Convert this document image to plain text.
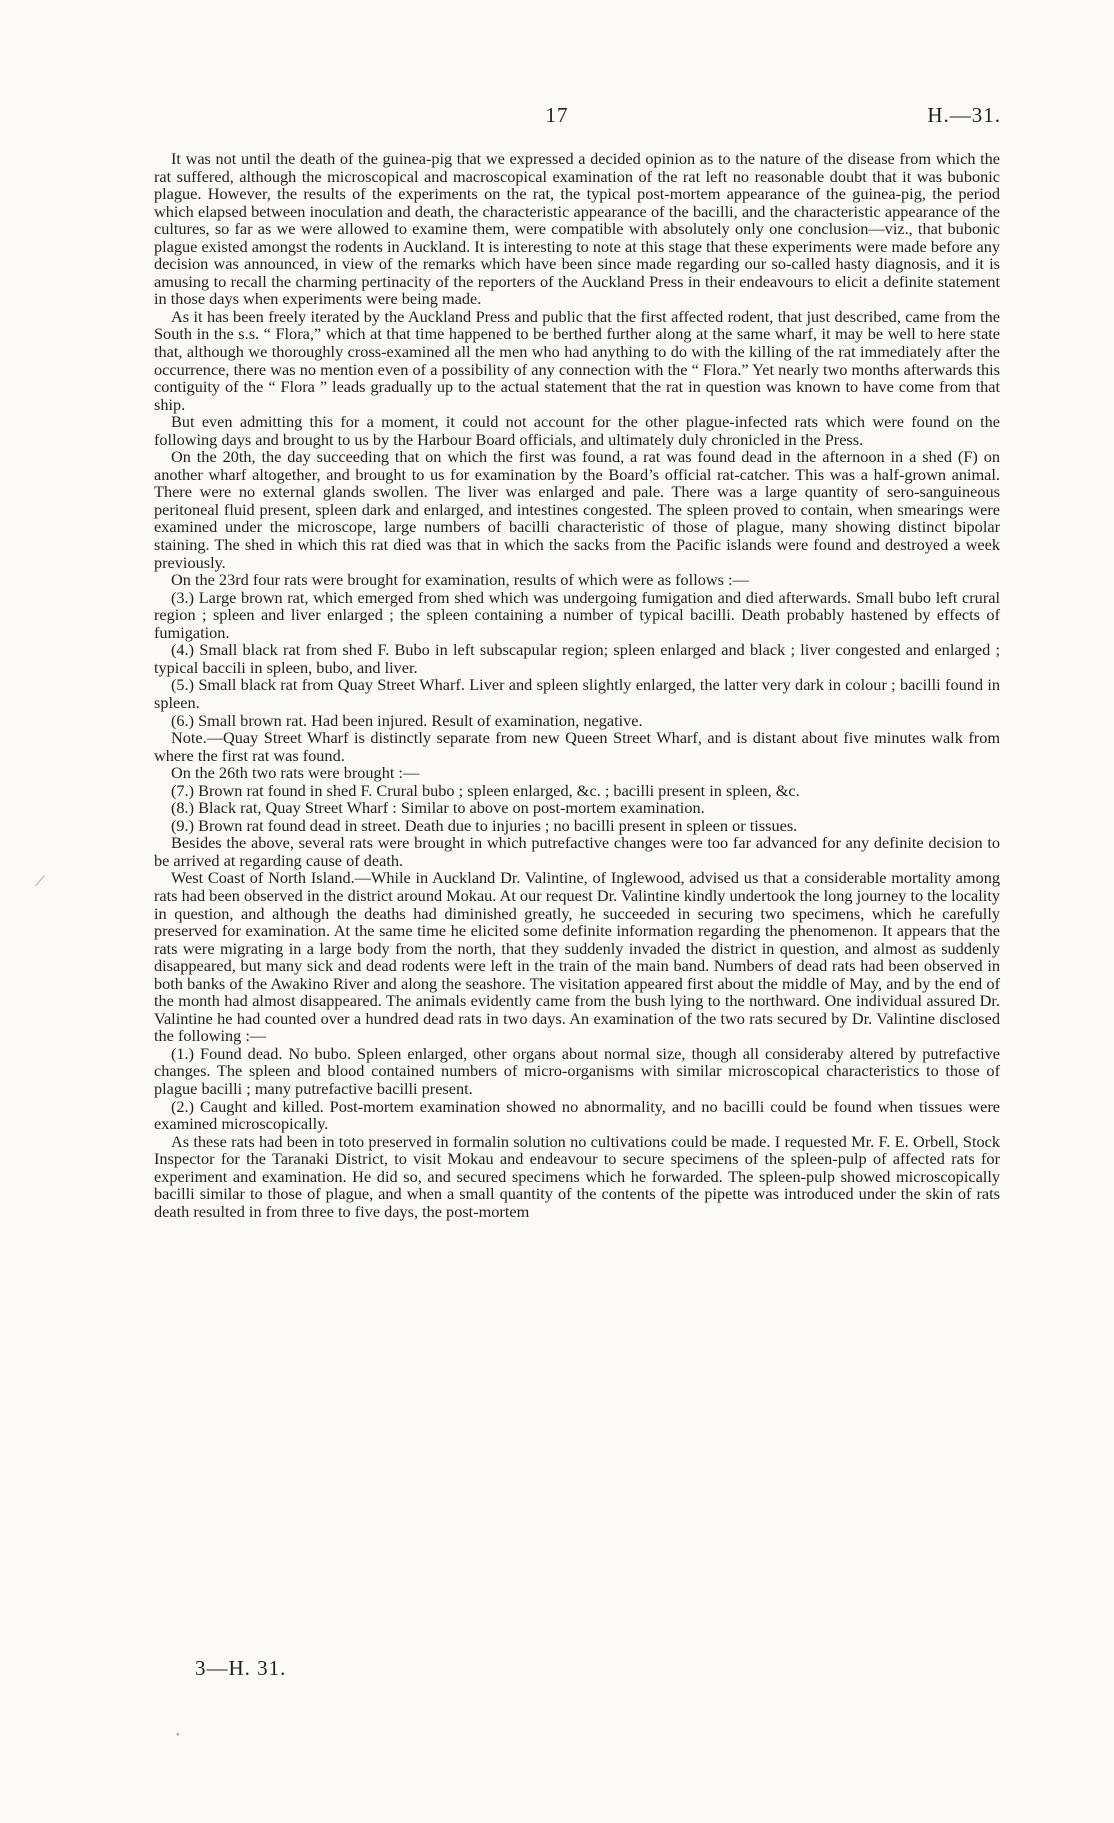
17	H.—31.

It was not until the death of the guinea-pig that we expressed a decided opinion as to the nature of the disease from which the rat suffered, although the microscopical and macroscopical examination of the rat left no reasonable doubt that it was bubonic plague. However, the results of the experiments on the rat, the typical post-mortem appearance of the guinea-pig, the period which elapsed between inoculation and death, the characteristic appearance of the bacilli, and the characteristic appearance of the cultures, so far as we were allowed to examine them, were compatible with absolutely only one conclusion—viz., that bubonic plague existed amongst the rodents in Auckland. It is interesting to note at this stage that these experiments were made before any decision was announced, in view of the remarks which have been since made regarding our so-called hasty diagnosis, and it is amusing to recall the charming pertinacity of the reporters of the Auckland Press in their endeavours to elicit a definite statement in those days when experiments were being made.

As it has been freely iterated by the Auckland Press and public that the first affected rodent, that just described, came from the South in the s.s. “ Flora,” which at that time happened to be berthed further along at the same wharf, it may be well to here state that, although we thoroughly cross-examined all the men who had anything to do with the killing of the rat immediately after the occurrence, there was no mention even of a possibility of any connection with the “ Flora.” Yet nearly two months afterwards this contiguity of the “ Flora ” leads gradually up to the actual statement that the rat in question was known to have come from that ship.

But even admitting this for a moment, it could not account for the other plague-infected rats which were found on the following days and brought to us by the Harbour Board officials, and ultimately duly chronicled in the Press.

On the 20th, the day succeeding that on which the first was found, a rat was found dead in the afternoon in a shed (F) on another wharf altogether, and brought to us for examination by the Board’s official rat-catcher. This was a half-grown animal. There were no external glands swollen. The liver was enlarged and pale. There was a large quantity of sero-sanguineous peritoneal fluid present, spleen dark and enlarged, and intestines congested. The spleen proved to contain, when smearings were examined under the microscope, large numbers of bacilli characteristic of those of plague, many showing distinct bipolar staining. The shed in which this rat died was that in which the sacks from the Pacific islands were found and destroyed a week previously.

On the 23rd four rats were brought for examination, results of which were as follows :—

(3.) Large brown rat, which emerged from shed which was undergoing fumigation and died afterwards. Small bubo left crural region ; spleen and liver enlarged ; the spleen containing a number of typical bacilli. Death probably hastened by effects of fumigation.

(4.) Small black rat from shed F. Bubo in left subscapular region; spleen enlarged and black ; liver congested and enlarged ; typical baccili in spleen, bubo, and liver.

(5.) Small black rat from Quay Street Wharf. Liver and spleen slightly enlarged, the latter very dark in colour ; bacilli found in spleen.

(6.) Small brown rat. Had been injured. Result of examination, negative.

Note.—Quay Street Wharf is distinctly separate from new Queen Street Wharf, and is distant about five minutes walk from where the first rat was found.

On the 26th two rats were brought :—

(7.) Brown rat found in shed F. Crural bubo ; spleen enlarged, &c. ; bacilli present in spleen, &c.

(8.) Black rat, Quay Street Wharf : Similar to above on post-mortem examination.

(9.) Brown rat found dead in street. Death due to injuries ; no bacilli present in spleen or tissues.

Besides the above, several rats were brought in which putrefactive changes were too far advanced for any definite decision to be arrived at regarding cause of death.

West Coast of North Island.—While in Auckland Dr. Valintine, of Inglewood, advised us that a considerable mortality among rats had been observed in the district around Mokau. At our request Dr. Valintine kindly undertook the long journey to the locality in question, and although the deaths had diminished greatly, he succeeded in securing two specimens, which he carefully preserved for examination. At the same time he elicited some definite information regarding the phenomenon. It appears that the rats were migrating in a large body from the north, that they suddenly invaded the district in question, and almost as suddenly disappeared, but many sick and dead rodents were left in the train of the main band. Numbers of dead rats had been observed in both banks of the Awakino River and along the seashore. The visitation appeared first about the middle of May, and by the end of the month had almost disappeared. The animals evidently came from the bush lying to the northward. One individual assured Dr. Valintine he had counted over a hundred dead rats in two days. An examination of the two rats secured by Dr. Valintine disclosed the following :—

(1.) Found dead. No bubo. Spleen enlarged, other organs about normal size, though all consideraby altered by putrefactive changes. The spleen and blood contained numbers of micro-organisms with similar microscopical characteristics to those of plague bacilli ; many putrefactive bacilli present.

(2.) Caught and killed. Post-mortem examination showed no abnormality, and no bacilli could be found when tissues were examined microscopically.

As these rats had been in toto preserved in formalin solution no cultivations could be made. I requested Mr. F. E. Orbell, Stock Inspector for the Taranaki District, to visit Mokau and endeavour to secure specimens of the spleen-pulp of affected rats for experiment and examination. He did so, and secured specimens which he forwarded. The spleen-pulp showed microscopically bacilli similar to those of plague, and when a small quantity of the contents of the pipette was introduced under the skin of rats death resulted in from three to five days, the post-mortem

3—H. 31.
⟋
•
